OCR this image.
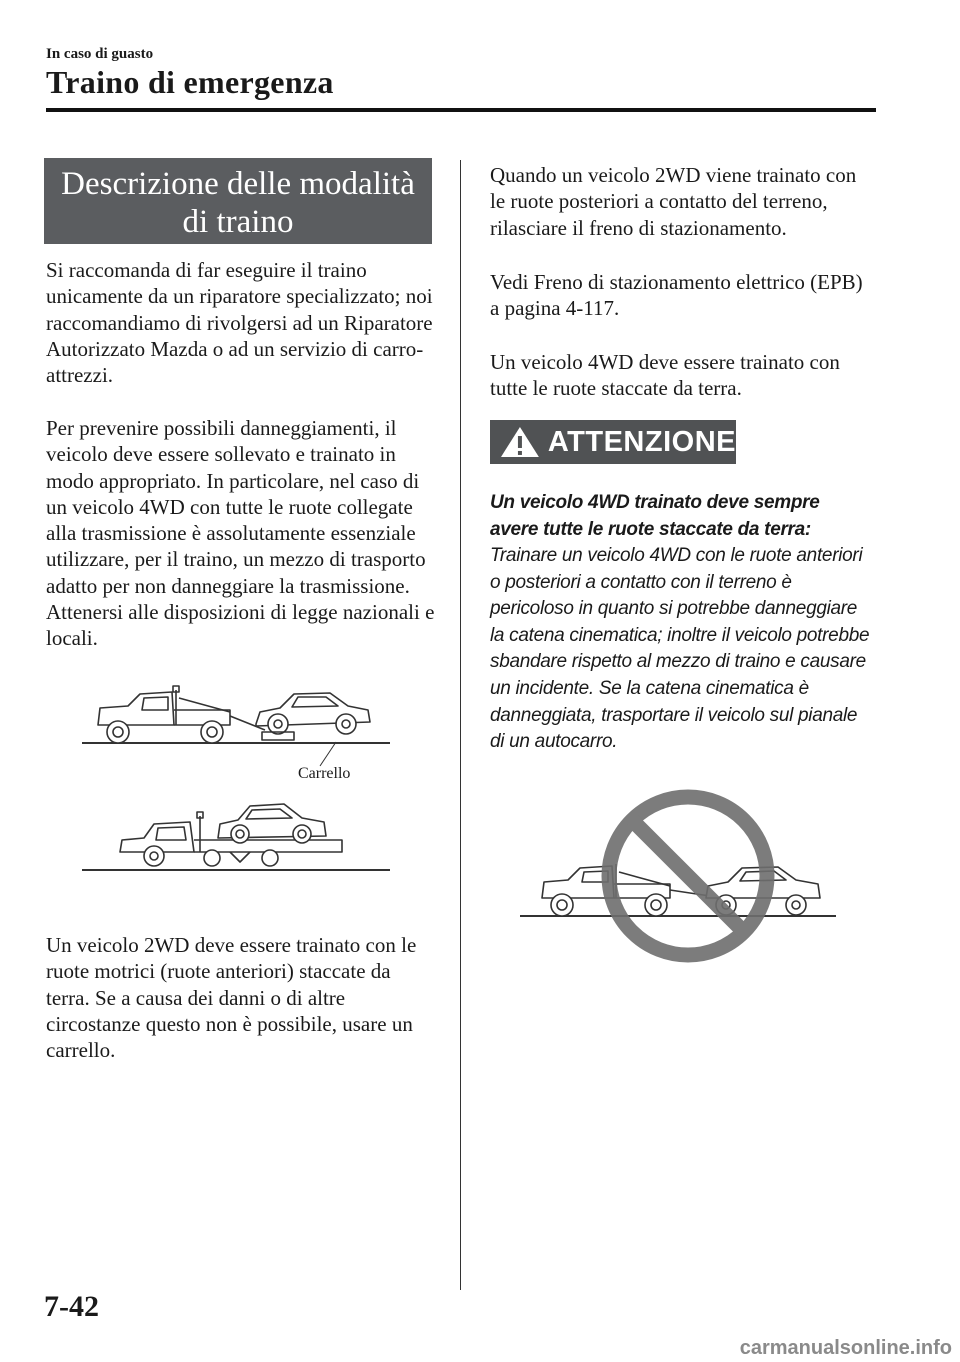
In caso di guasto
Traino di emergenza
Descrizione delle modalità
di traino

Si raccomanda di far eseguire il traino unicamente da un riparatore specializzato; noi raccomandiamo di rivolgersi ad un Riparatore Autorizzato Mazda o ad un servizio di carro-attrezzi.

Per prevenire possibili danneggiamenti, il veicolo deve essere sollevato e trainato in modo appropriato. In particolare, nel caso di un veicolo 4WD con tutte le ruote collegate alla trasmissione è assolutamente essenziale utilizzare, per il traino, un mezzo di trasporto adatto per non danneggiare la trasmissione. Attenersi alle disposizioni di legge nazionali e locali.

Carrello

Un veicolo 2WD deve essere trainato con le ruote motrici (ruote anteriori) staccate da terra. Se a causa dei danni o di altre circostanze questo non è possibile, usare un carrello.

Quando un veicolo 2WD viene trainato con le ruote posteriori a contatto del terreno, rilasciare il freno di stazionamento.

Vedi Freno di stazionamento elettrico (EPB) a pagina 4-117.

Un veicolo 4WD deve essere trainato con tutte le ruote staccate da terra.

ATTENZIONE
Un veicolo 4WD trainato deve sempre avere tutte le ruote staccate da terra:
Trainare un veicolo 4WD con le ruote anteriori o posteriori a contatto con il terreno è pericoloso in quanto si potrebbe danneggiare la catena cinematica; inoltre il veicolo potrebbe sbandare rispetto al mezzo di traino e causare un incidente. Se la catena cinematica è danneggiata, trasportare il veicolo sul pianale di un autocarro.
7-42
carmanualsonline.info
